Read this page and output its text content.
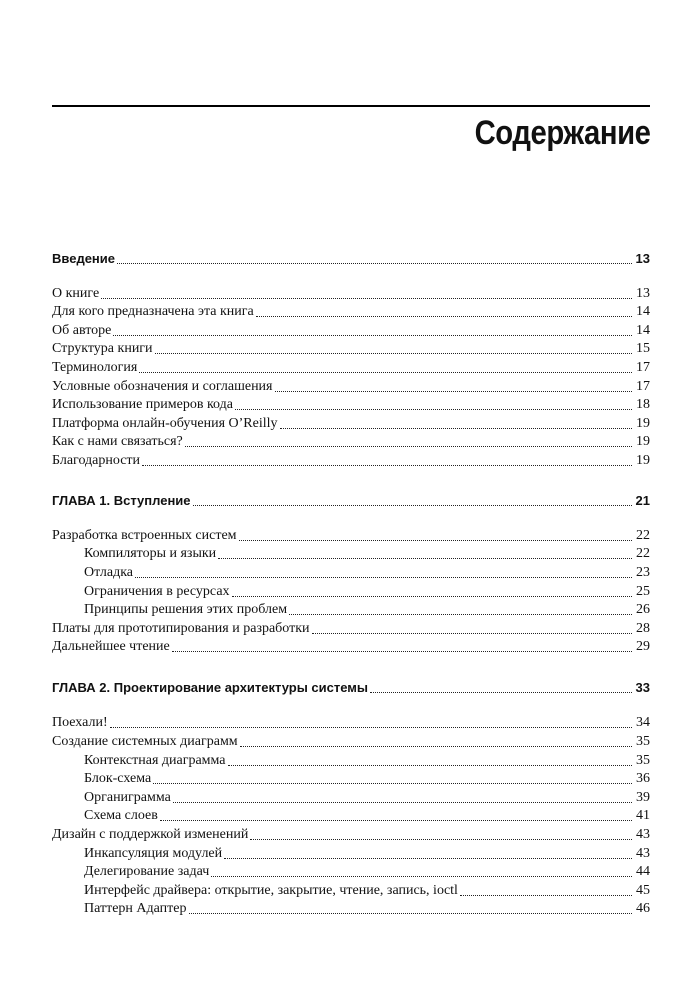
Содержание
Введение	13
О книге	13
Для кого предназначена эта книга	14
Об авторе	14
Структура книги	15
Терминология	17
Условные обозначения и соглашения	17
Использование примеров кода	18
Платформа онлайн-обучения O’Reilly	19
Как с нами связаться?	19
Благодарности	19
ГЛАВА 1. Вступление	21
Разработка встроенных систем	22
Компиляторы и языки	22
Отладка	23
Ограничения в ресурсах	25
Принципы решения этих проблем	26
Платы для прототипирования и разработки	28
Дальнейшее чтение	29
ГЛАВА 2. Проектирование архитектуры системы	33
Поехали!	34
Создание системных диаграмм	35
Контекстная диаграмма	35
Блок-схема	36
Органиграмма	39
Схема слоев	41
Дизайн с поддержкой изменений	43
Инкапсуляция модулей	43
Делегирование задач	44
Интерфейс драйвера: открытие, закрытие, чтение, запись, ioctl	45
Паттерн Адаптер	46
